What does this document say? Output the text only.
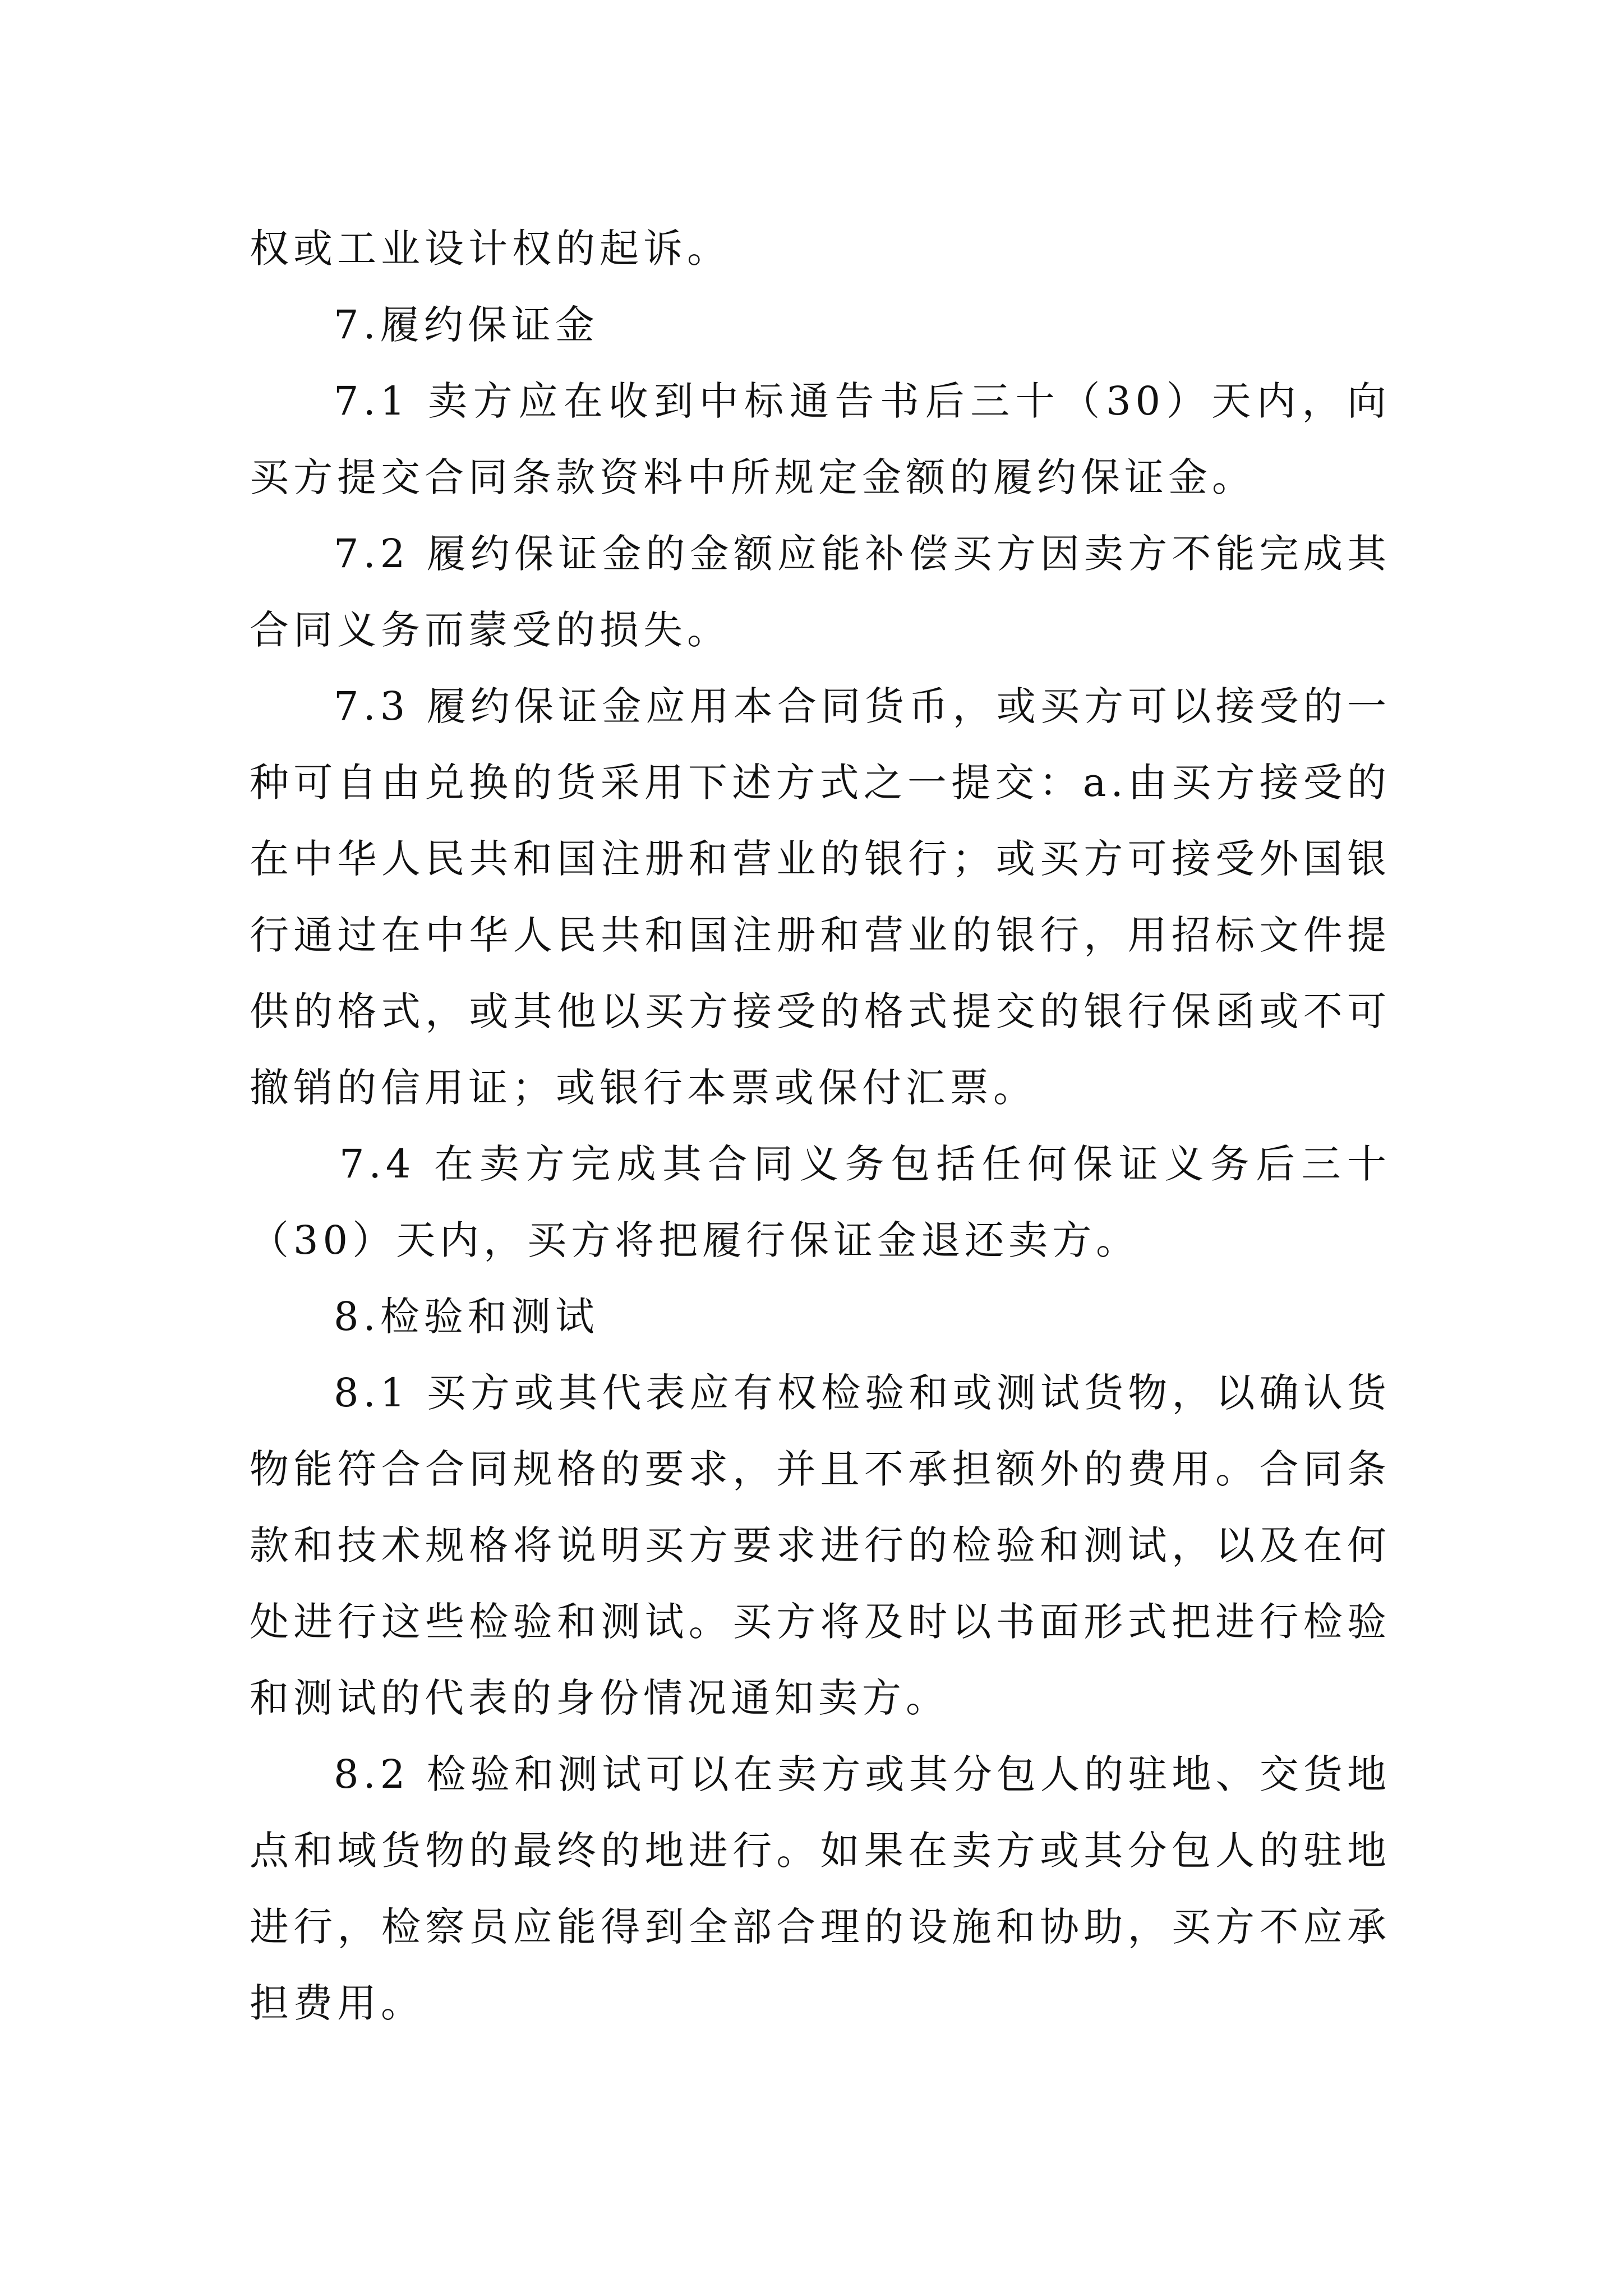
权或工业设计权的起诉。

7.履约保证金

7.1 卖方应在收到中标通告书后三十（30）天内，向买方提交合同条款资料中所规定金额的履约保证金。

7.2 履约保证金的金额应能补偿买方因卖方不能完成其合同义务而蒙受的损失。

7.3 履约保证金应用本合同货币，或买方可以接受的一种可自由兑换的货采用下述方式之一提交：a.由买方接受的在中华人民共和国注册和营业的银行；或买方可接受外国银行通过在中华人民共和国注册和营业的银行，用招标文件提供的格式，或其他以买方接受的格式提交的银行保函或不可撤销的信用证；或银行本票或保付汇票。

7.4 在卖方完成其合同义务包括任何保证义务后三十（30）天内，买方将把履行保证金退还卖方。

8.检验和测试

8.1 买方或其代表应有权检验和或测试货物，以确认货物能符合合同规格的要求，并且不承担额外的费用。合同条款和技术规格将说明买方要求进行的检验和测试，以及在何处进行这些检验和测试。买方将及时以书面形式把进行检验和测试的代表的身份情况通知卖方。

8.2 检验和测试可以在卖方或其分包人的驻地、交货地点和域货物的最终的地进行。如果在卖方或其分包人的驻地进行，检察员应能得到全部合理的设施和协助，买方不应承担费用。
